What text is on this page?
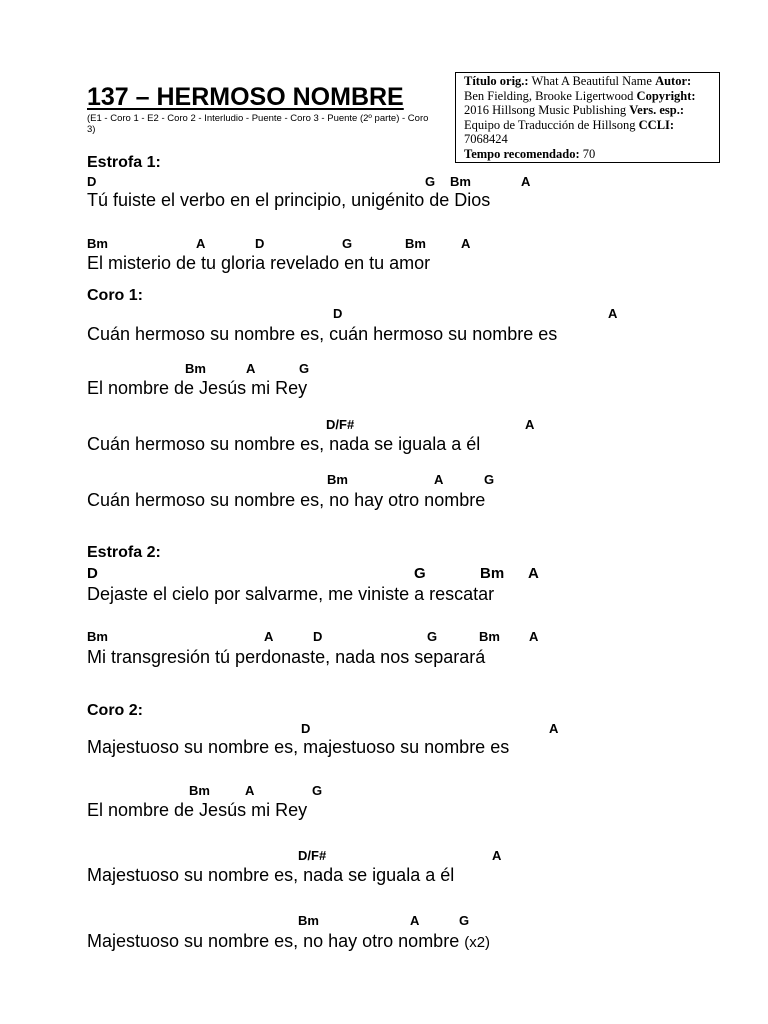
137 – HERMOSO NOMBRE
(E1 - Coro 1 - E2 - Coro 2 - Interludio - Puente - Coro 3 - Puente (2º parte) - Coro 3)
Título orig.: What A Beautiful Name Autor: Ben Fielding, Brooke Ligertwood Copyright: 2016 Hillsong Music Publishing Vers. esp.: Equipo de Traducción de Hillsong CCLI: 7068424
Tempo recomendado: 70
Estrofa 1:
D	G Bm	A
Tú fuiste el verbo en el principio, unigénito de Dios
Bm	A	D	G	Bm	A
El misterio de tu gloria revelado en tu amor
Coro 1:
D	A
Cuán hermoso su nombre es, cuán hermoso su nombre es
Bm	A	G
El nombre de Jesús mi Rey
D/F#	A
Cuán hermoso su nombre es, nada se iguala a él
Bm	A	G
Cuán hermoso su nombre es, no hay otro nombre
Estrofa 2:
D	G	Bm A
Dejaste el cielo por salvarme, me viniste a rescatar
Bm	A	D	G	Bm A
Mi transgresión tú perdonaste, nada nos separará
Coro 2:
D	A
Majestuoso su nombre es, majestuoso su nombre es
Bm	A	G
El nombre de Jesús mi Rey
D/F#	A
Majestuoso su nombre es, nada se iguala a él
Bm	A	G
Majestuoso su nombre es, no hay otro nombre (x2)
